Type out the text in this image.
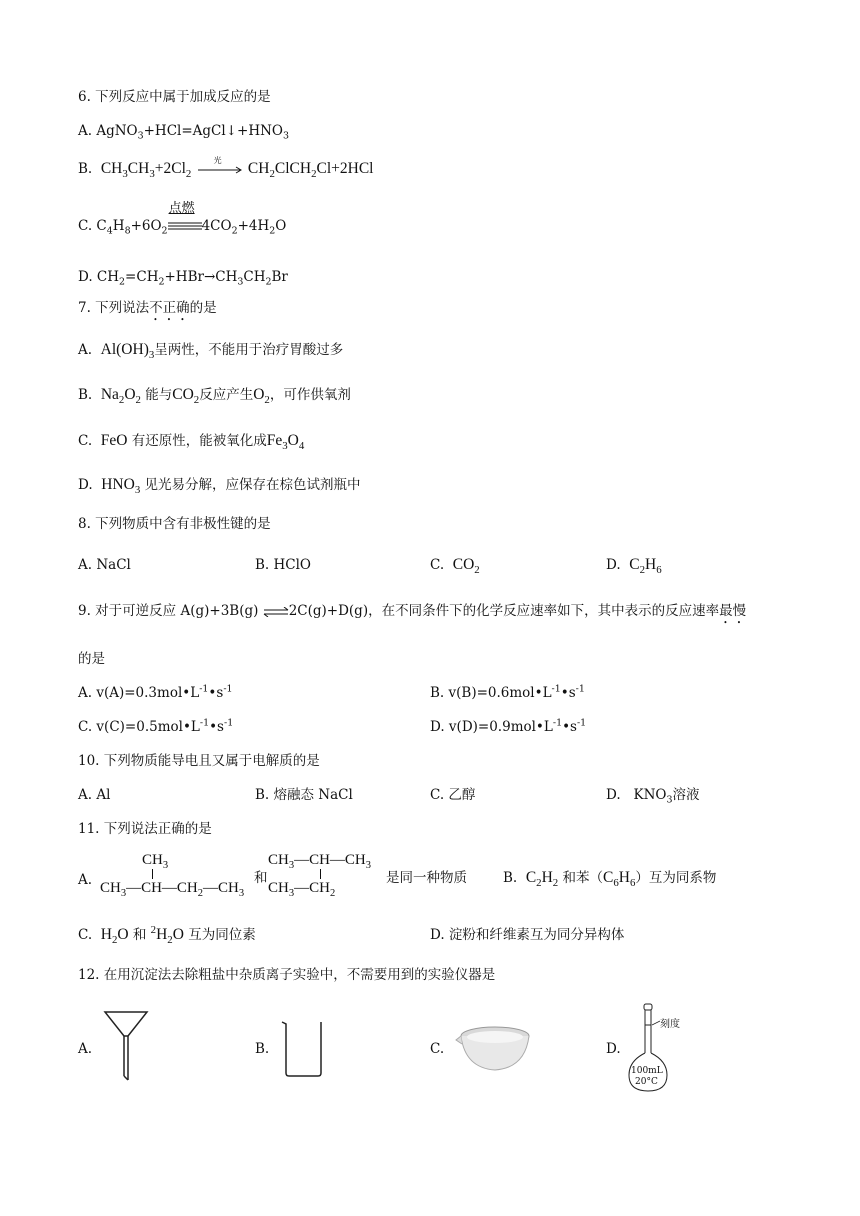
6. 下列反应中属于加成反应的是
A. $AgNO_3+HCl=AgCl↓+HNO_3$
B. $CH_3CH_3+2Cl_2$
光 $CH_2ClCH_2Cl+2HCl$
C. $C_4H_8+6O_2$
点燃
$4CO_2+4H_2O$
D. $CH_2=CH_2+HBr\to CH_3CH_2Br$
7. 下列说法不正确的是
A. $Al(OH)_3$呈两性，不能用于治疗胃酸过多
B. $Na_2O_2$ 能与$CO_2$反应产生$O_2$，可作供氧剂
C. FeO 有还原性，能被氧化成$Fe_3O_4$
D. $HNO_3$ 见光易分解，应保存在棕色试剂瓶中
8. 下列物质中含有非极性键的是
A. NaCl	B. HClO	C. $CO_2$	D. $C_2H_6$
9. 对于可逆反应 A(g)+3B(g) ⇌2C(g)+D(g)，在不同条件下的化学反应速率如下，其中表示的反应速率最慢
的是
A. $v(A)=0.3mol•L^{-1}•s^{-1}$	B. $v(B)=0.6mol•L^{-1}•s^{-1}$
C. $v(C)=0.5mol•L^{-1}•s^{-1}$	D. $v(D)=0.9mol•L^{-1}•s^{-1}$
10. 下列物质能导电且又属于电解质的是
A. Al	B. 熔融态 NaCl	C. 乙醇	D. $KNO_3$溶液
11. 下列说法正确的是
A.
$CH_3$
$CH_3—CH—CH_2—CH_3$
和
$CH_3—CH—CH_3$
$CH_3—CH_2$
是同一种物质	B. $C_2H_2$ 和苯$(C_6H_6)$互为同系物
C. $H_2O$ 和 $^2H_2O$ 互为同位素	D. 淀粉和纤维素互为同分异构体
12. 在用沉淀法去除粗盐中杂质离子实验中，不需要用到的实验仪器是
A.	B.	C.	D.
刻度
100mL
20°C
